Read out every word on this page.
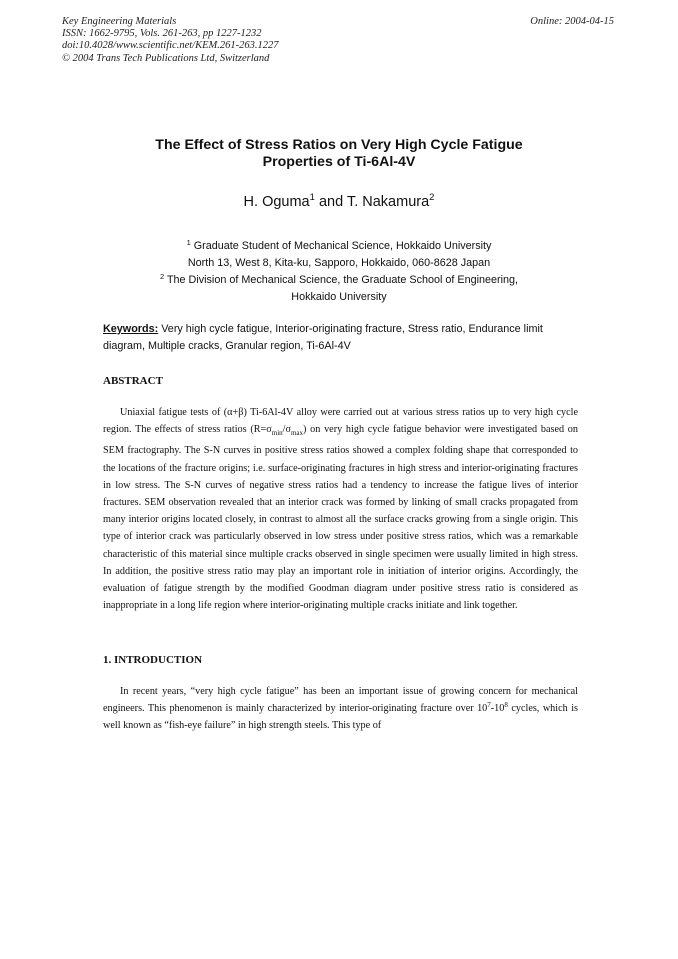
Key Engineering Materials
ISSN: 1662-9795, Vols. 261-263, pp 1227-1232
doi:10.4028/www.scientific.net/KEM.261-263.1227
© 2004 Trans Tech Publications Ltd, Switzerland
Online: 2004-04-15
The Effect of Stress Ratios on Very High Cycle Fatigue
Properties of Ti-6Al-4V
H. Oguma$^1$ and T. Nakamura$^2$
$^1$ Graduate Student of Mechanical Science, Hokkaido University
North 13, West 8, Kita-ku, Sapporo, Hokkaido, 060-8628 Japan
$^2$ The Division of Mechanical Science, the Graduate School of Engineering,
Hokkaido University
Keywords: Very high cycle fatigue, Interior-originating fracture, Stress ratio, Endurance limit diagram, Multiple cracks, Granular region, Ti-6Al-4V
ABSTRACT

Uniaxial fatigue tests of (α+β) Ti-6Al-4V alloy were carried out at various stress ratios up to very high cycle region. The effects of stress ratios $(R=\sigma_{min}/\sigma_{max})$ on very high cycle fatigue behavior were investigated based on SEM fractography. The S-N curves in positive stress ratios showed a complex folding shape that corresponded to the locations of the fracture origins; i.e. surface-originating fractures in high stress and interior-originating fractures in low stress. The S-N curves of negative stress ratios had a tendency to increase the fatigue lives of interior fractures. SEM observation revealed that an interior crack was formed by linking of small cracks propagated from many interior origins located closely, in contrast to almost all the surface cracks growing from a single origin. This type of interior crack was particularly observed in low stress under positive stress ratios, which was a remarkable characteristic of this material since multiple cracks observed in single specimen were usually limited in high stress. In addition, the positive stress ratio may play an important role in initiation of interior origins. Accordingly, the evaluation of fatigue strength by the modified Goodman diagram under positive stress ratio is considered as inappropriate in a long life region where interior-originating multiple cracks initiate and link together.

1. INTRODUCTION

In recent years, “very high cycle fatigue” has been an important issue of growing concern for mechanical engineers. This phenomenon is mainly characterized by interior-originating fracture over $10^7-10^8$ cycles, which is well known as “fish-eye failure” in high strength steels. This type of
